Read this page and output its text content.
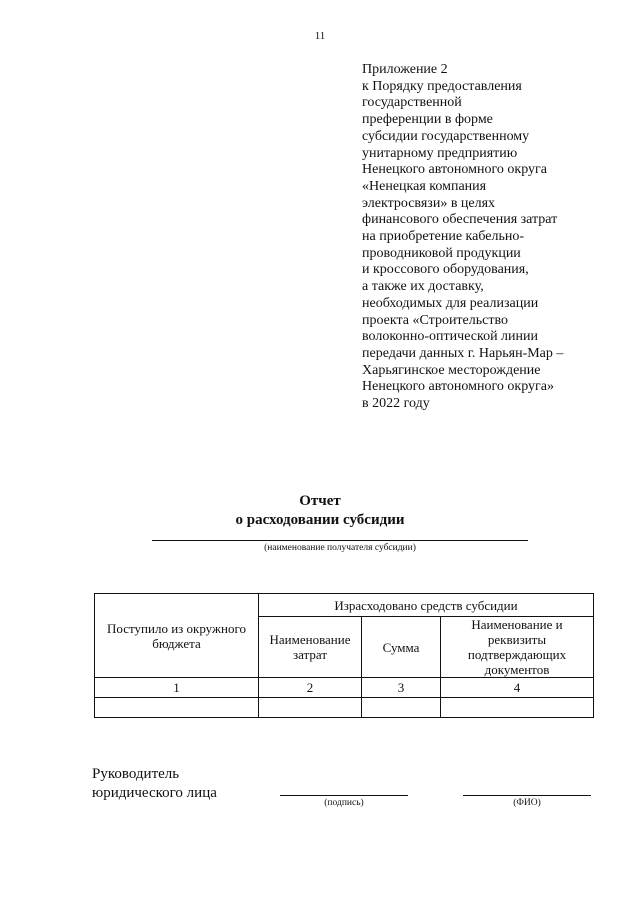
11
Приложение 2
к Порядку предоставления
государственной
преференции в форме
субсидии государственному
унитарному предприятию
Ненецкого автономного округа
«Ненецкая компания
электросвязи» в целях
финансового обеспечения затрат
на приобретение кабельно-
проводниковой продукции
и кроссового оборудования,
а также их доставку,
необходимых для реализации
проекта «Строительство
волоконно-оптической линии
передачи данных г. Нарьян-Мар –
Харьягинское месторождение
Ненецкого автономного округа»
в 2022 году
Отчет
о расходовании субсидии
(наименование получателя субсидии)
Поступило из окружного бюджета	Израсходовано средств субсидии		
	Наименование затрат	Сумма	Наименование и реквизиты подтверждающих документов
1	2	3	4

Руководитель
юридического лица
(подпись)	(ФИО)
